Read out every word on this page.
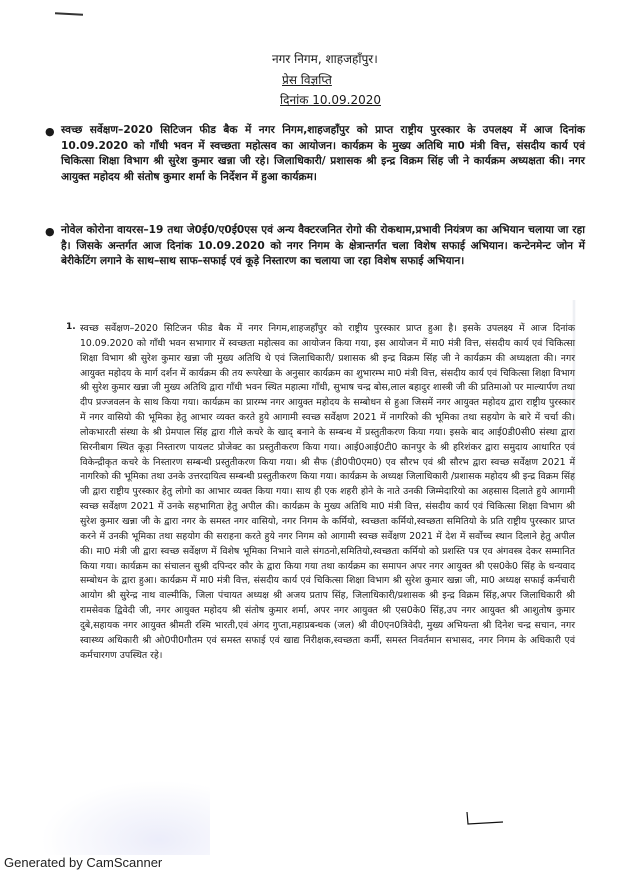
नगर निगम, शाहजहाँपुर।
प्रेस विज्ञप्ति
दिनांक 10.09.2020
● स्वच्छ सर्वेक्षण–2020 सिटिजन फीड बैक में नगर निगम,शाहजहाँपुर को प्राप्त राष्ट्रीय पुरस्कार के उपलक्ष्य में आज दिनांक 10.09.2020 को गाँधी भवन में स्वच्छता महोत्सव का आयोजन। कार्यक्रम के मुख्य अतिथि मा0 मंत्री वित्त, संसदीय कार्य एवं चिकित्सा शिक्षा विभाग श्री सुरेश कुमार खन्ना जी रहे। जिलाधिकारी/ प्रशासक श्री इन्द्र विक्रम सिंह जी ने कार्यक्रम अध्यक्षता की। नगर आयुक्त महोदय श्री संतोष कुमार शर्मा के निर्देशन में हुआ कार्यक्रम।
● नोवेल कोरोना वायरस–19 तथा जे0ई0/ए0ई0एस एवं अन्य वैक्टरजनित रोगो की रोकथाम,प्रभावी नियंत्रण का अभियान चलाया जा रहा है। जिसके अन्तर्गत आज दिनांक 10.09.2020 को नगर निगम के क्षेत्रान्तर्गत चला विशेष सफाई अभियान। कन्टेनमेन्ट जोन में बेरीकेटिंग लगाने के साथ–साथ साफ–सफाई एवं कूड़े निस्तारण का चलाया जा रहा विशेष सफाई अभियान।
1. स्वच्छ सर्वेक्षण–2020 सिटिजन फीड बैक में नगर निगम,शाहजहाँपुर को राष्ट्रीय पुरस्कार प्राप्त हुआ है। इसके उपलक्ष्य में आज दिनांक 10.09.2020 को गाँधी भवन सभागार में स्वच्छता महोत्सव का आयोजन किया गया, इस आयोजन में मा0 मंत्री वित्त, संसदीय कार्य एवं चिकित्सा शिक्षा विभाग श्री सुरेश कुमार खन्ना जी मुख्य अतिथि थे एवं जिलाधिकारी/ प्रशासक श्री इन्द्र विक्रम सिंह जी ने कार्यक्रम की अध्यक्षता की। नगर आयुक्त महोदय के मार्ग दर्शन में कार्यक्रम की तय रूपरेखा के अनुसार कार्यक्रम का शुभारम्भ मा0 मंत्री वित्त, संसदीय कार्य एवं चिकित्सा शिक्षा विभाग श्री सुरेश कुमार खन्ना जी मुख्य अतिथि द्वारा गाँधी भवन स्थित महात्मा गाँधी, सुभाष चन्द्र बोस,लाल बहादुर शास्त्री जी की प्रतिमाओ पर माल्यार्पण तथा दीप प्रज्जवलन के साथ किया गया। कार्यक्रम का प्रारम्भ नगर आयुक्त महोदय के सम्बोधन से हुआ जिसमें नगर आयुक्त महोदय द्वारा राष्ट्रीय पुरस्कार में नगर वासियो की भूमिका हेतु आभार व्यक्त करते हुये आगामी स्वच्छ सर्वेक्षण 2021 में नागरिको की भूमिका तथा सहयोग के बारे में चर्चा की। लोकभारती संस्था के श्री प्रेमपाल सिंह द्वारा गीले कचरे के खाद् बनाने के सम्बन्ध में प्रस्तुतीकरण किया गया। इसके बाद आई0डी0सी0 संस्था द्वारा सिरनीबाग स्थित कूड़ा निस्तारण पायलट प्रोजेक्ट का प्रस्तुतीकरण किया गया। आई0आई0टी0 कानपुर के श्री हरिशंकर द्वारा समुदाय आधारित एवं विकेन्द्रीकृत कचरे के निस्तारण सम्बन्धी प्रस्तुतीकरण किया गया। श्री सैफ (डी0पी0एम0) एव सौरभ एवं श्री सौरभ द्वारा स्वच्छ सर्वेक्षण 2021 में नागरिको की भूमिका तथा उनके उत्तरदायित्व सम्बन्धी प्रस्तुतीकरण किया गया। कार्यक्रम के अध्यक्ष जिलाधिकारी /प्रशासक महोदय श्री इन्द्र विक्रम सिंह जी द्वारा राष्ट्रीय पुरस्कार हेतु लोगो का आभार व्यक्त किया गया। साथ ही एक शहरी होने के नाते उनकी जिम्मेदारियो का अहसास दिलाते हुये आगामी स्वच्छ सर्वेक्षण 2021 में उनके सहभागिता हेतु अपील की। कार्यक्रम के मुख्य अतिथि मा0 मंत्री वित्त, संसदीय कार्य एवं चिकित्सा शिक्षा विभाग श्री सुरेश कुमार खन्ना जी के द्वारा नगर के समस्त नगर वासियो, नगर निगम के कर्मियो, स्वच्छता कर्मियो,स्वच्छता समितियो के प्रति राष्ट्रीय पुरस्कार प्राप्त करने में उनकी भूमिका तथा सहयोग की सराहना करते हुये नगर निगम को आगामी स्वच्छ सर्वेक्षण 2021 में देश में सर्वोच्च स्थान दिलाने हेतु अपील की। मा0 मंत्री जी द्वारा स्वच्छ सर्वेक्षण में विशेष भूमिका निभाने वाले संगठनो,समितियो,स्वच्छता कर्मियो को प्रशस्ति पत्र एव अंगवस्त्र देकर सम्मानित किया गया। कार्यक्रम का संचालन सुश्री दपिन्दर कौर के द्वारा किया गया तथा कार्यक्रम का समापन अपर नगर आयुक्त श्री एस0के0 सिंह के धन्यवाद सम्बोधन के द्वारा हुआ। कार्यक्रम में मा0 मंत्री वित्त, संसदीय कार्य एवं चिकित्सा शिक्षा विभाग श्री सुरेश कुमार खन्ना जी, मा0 अध्यक्ष सफाई कर्मचारी आयोग श्री सुरेन्द्र नाथ वाल्मीकि, जिला पंचायत अध्यक्ष श्री अजय प्रताप सिंह, जिलाधिकारी/प्रशासक श्री इन्द्र विक्रम सिंह,अपर जिलाधिकारी श्री रामसेवक द्विवेदी जी, नगर आयुक्त महोदय श्री संतोष कुमार शर्मा, अपर नगर आयुक्त श्री एस0के0 सिंह,उप नगर आयुक्त श्री आशुतोष कुमार दुबे,सहायक नगर आयुक्त श्रीमती रश्मि भारती,एवं अंगद गुप्ता,महाप्रबन्धक (जल) श्री वी0एन0त्रिवेदी, मुख्य अभियन्ता श्री दिनेश चन्द्र सचान, नगर स्वास्थ्य अधिकारी श्री ओ0पी0गौतम एवं समस्त सफाई एवं खाद्य निरीक्षक,स्वच्छता कर्मी, समस्त निवर्तमान सभासद, नगर निगम के अधिकारी एवं कर्मचारगण उपस्थित रहे।
Generated by CamScanner
